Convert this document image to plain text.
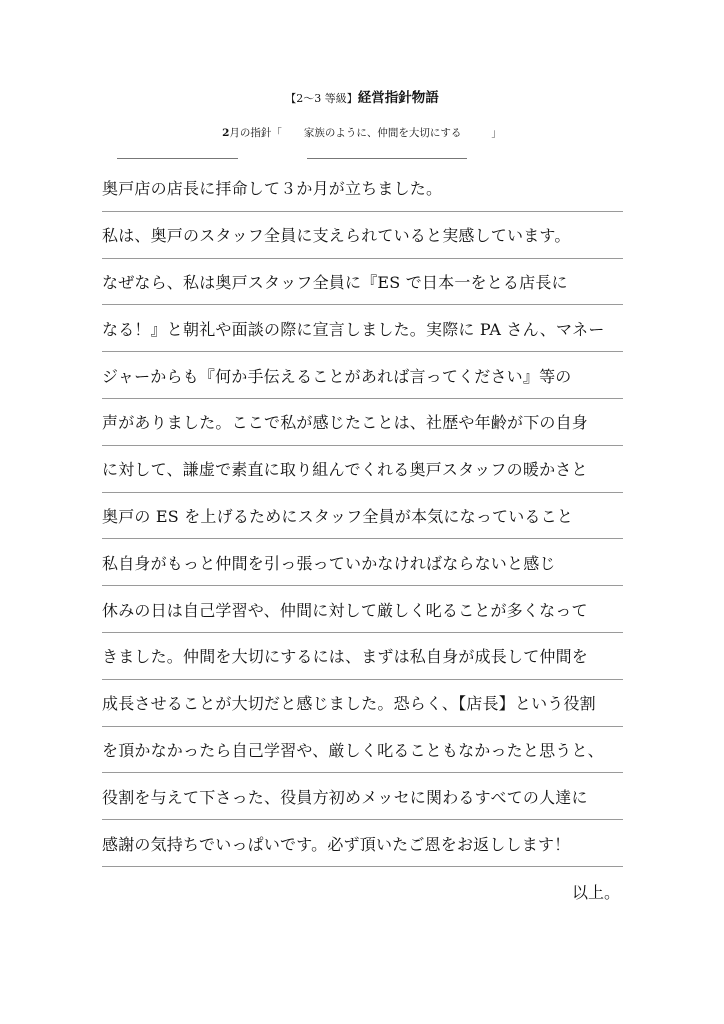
【2～3 等級】経営指針物語
2月の指針「 家族のように、仲間を大切にする	」
奥戸店の店長に拝命して３か月が立ちました。
私は、奥戸のスタッフ全員に支えられていると実感しています。
なぜなら、私は奥戸スタッフ全員に『ES で日本一をとる店長に
なる！』と朝礼や面談の際に宣言しました。実際に PA さん、マネー
ジャーからも『何か手伝えることがあれば言ってください』等の
声がありました。ここで私が感じたことは、社歴や年齢が下の自身
に対して、謙虚で素直に取り組んでくれる奥戸スタッフの暖かさと
奥戸の ES を上げるためにスタッフ全員が本気になっていること
私自身がもっと仲間を引っ張っていかなければならないと感じ
休みの日は自己学習や、仲間に対して厳しく叱ることが多くなって
きました。仲間を大切にするには、まずは私自身が成長して仲間を
成長させることが大切だと感じました。恐らく、【店長】という役割
を頂かなかったら自己学習や、厳しく叱ることもなかったと思うと、
役割を与えて下さった、役員方初めメッセに関わるすべての人達に
感謝の気持ちでいっぱいです。必ず頂いたご恩をお返しします！
以上。
